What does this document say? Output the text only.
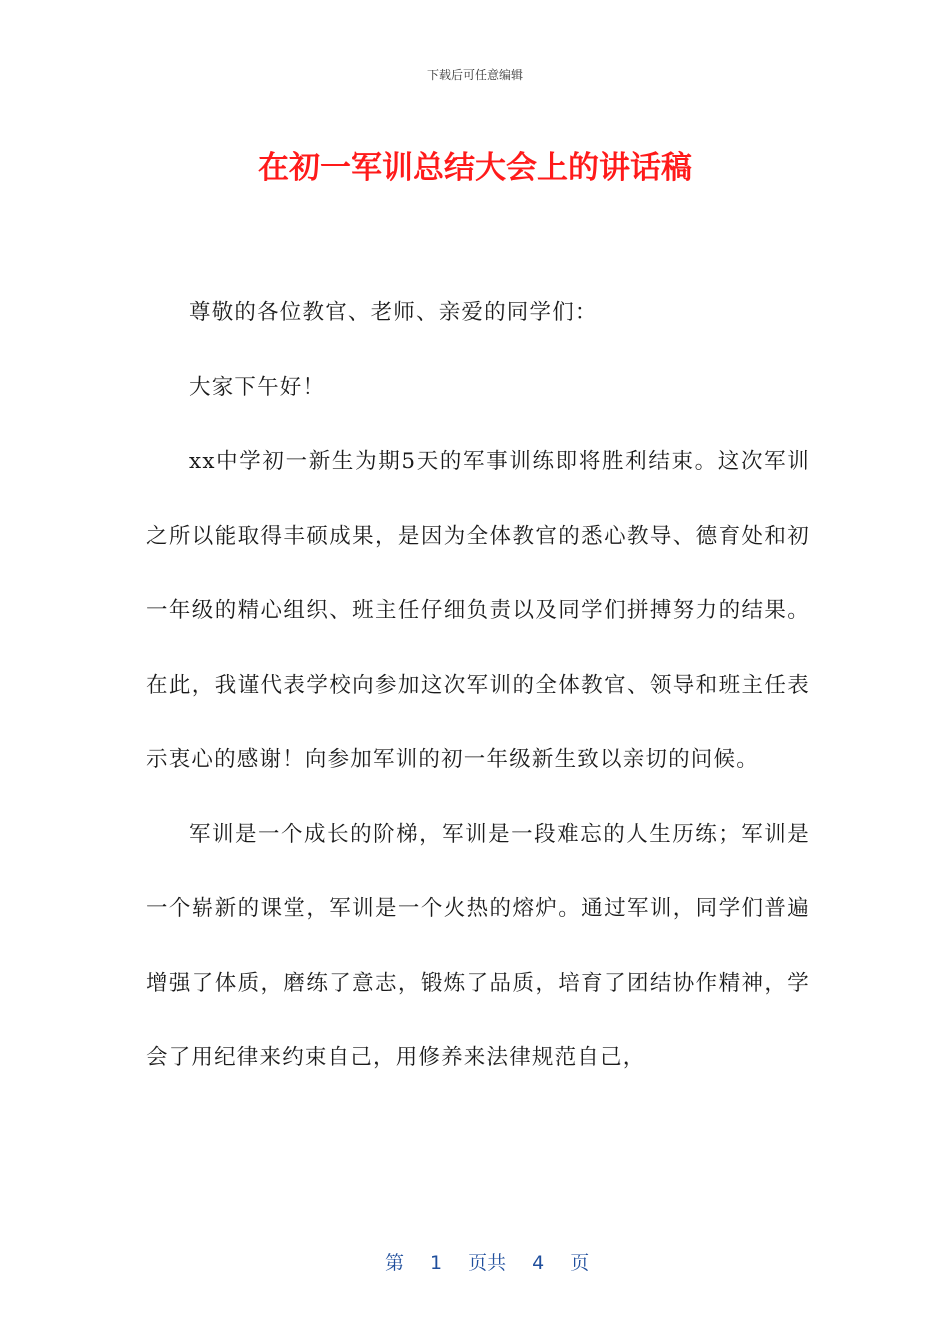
下载后可任意编辑
在初一军训总结大会上的讲话稿

尊敬的各位教官、老师、亲爱的同学们：

大家下午好！

xx中学初一新生为期5天的军事训练即将胜利结束。这次军训之所以能取得丰硕成果，是因为全体教官的悉心教导、德育处和初一年级的精心组织、班主任仔细负责以及同学们拼搏努力的结果。在此，我谨代表学校向参加这次军训的全体教官、领导和班主任表示衷心的感谢！向参加军训的初一年级新生致以亲切的问候。

军训是一个成长的阶梯，军训是一段难忘的人生历练；军训是一个崭新的课堂，军训是一个火热的熔炉。通过军训，同学们普遍增强了体质，磨练了意志，锻炼了品质，培育了团结协作精神，学会了用纪律来约束自己，用修养来法律规范自己，

第 1 页共 4 页
